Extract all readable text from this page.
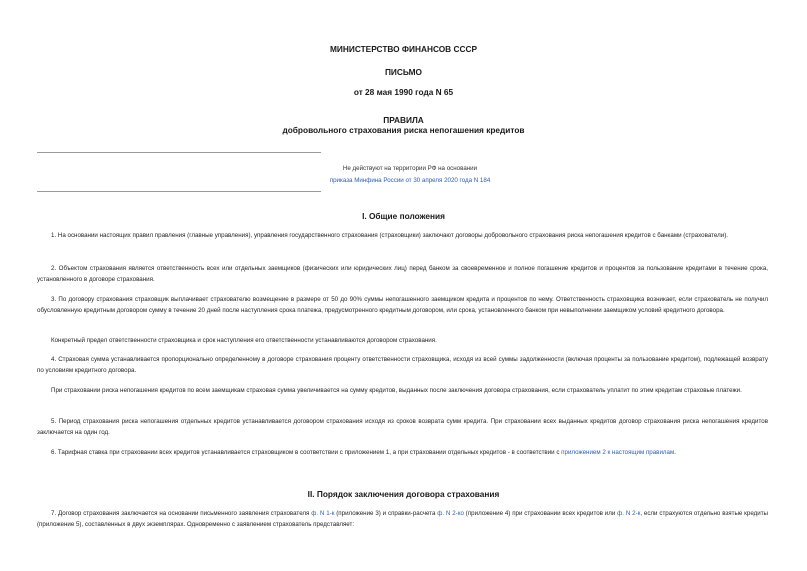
МИНИСТЕРСТВО ФИНАНСОВ СССР
ПИСЬМО
от 28 мая 1990 года N 65
ПРАВИЛА
добровольного страхования риска непогашения кредитов
Не действуют на территории РФ на основании
приказа Минфина России от 30 апреля 2020 года N 184
I. Общие положения
1. На основании настоящих правил правления (главные управления), управления государственного страхования (страховщики) заключают договоры добровольного страхования риска непогашения кредитов с банками (страхователи).
2. Объектом страхования является ответственность всех или отдельных заемщиков (физических или юридических лиц) перед банком за своевременное и полное погашение кредитов и процентов за пользование кредитами в течение срока, установленного в договоре страхования.
3. По договору страхования страховщик выплачивает страхователю возмещение в размере от 50 до 90% суммы непогашенного заемщиком кредита и процентов по нему. Ответственность страховщика возникает, если страхователь не получил обусловленную кредитным договором сумму в течение 20 дней после наступления срока платежа, предусмотренного кредитным договором, или срока, установленного банком при невыполнении заемщиком условий кредитного договора.
Конкретный предел ответственности страховщика и срок наступления его ответственности устанавливаются договором страхования.
4. Страховая сумма устанавливается пропорционально определенному в договоре страхования проценту ответственности страховщика, исходя из всей суммы задолженности (включая проценты за пользование кредитом), подлежащей возврату по условиям кредитного договора.
При страховании риска непогашения кредитов по всем заемщикам страховая сумма увеличивается на сумму кредитов, выданных после заключения договора страхования, если страхователь уплатит по этим кредитам страховые платежи.
5. Период страхования риска непогашения отдельных кредитов устанавливается договором страхования исходя из сроков возврата сумм кредита. При страховании всех выданных кредитов договор страхования риска непогашения кредитов заключается на один год.
6. Тарифная ставка при страховании всех кредитов устанавливается страховщиком в соответствии с приложением 1, а при страховании отдельных кредитов - в соответствии с приложением 2 к настоящим правилам.
II. Порядок заключения договора страхования
7. Договор страхования заключается на основании письменного заявления страхователя ф. N 1-к (приложение 3) и справки-расчета ф. N 2-ко (приложение 4) при страховании всех кредитов или ф. N 2-к, если страхуются отдельно взятые кредиты (приложение 5), составленных в двух экземплярах. Одновременно с заявлением страхователь представляет:
